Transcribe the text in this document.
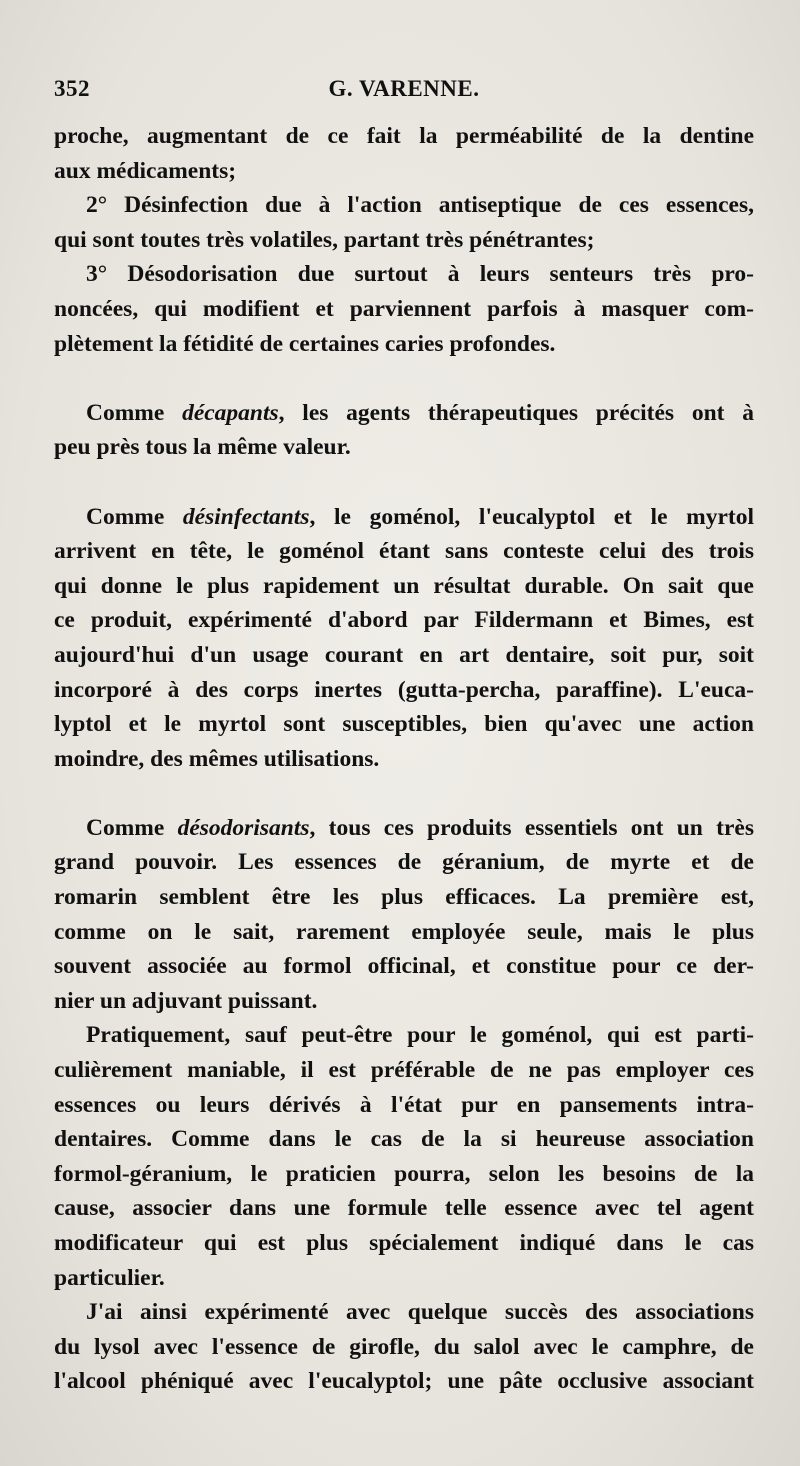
352	G. VARENNE.
proche, augmentant de ce fait la perméabilité de la dentine
aux médicaments;
2° Désinfection due à l'action antiseptique de ces essences,
qui sont toutes très volatiles, partant très pénétrantes;
3° Désodorisation due surtout à leurs senteurs très pro-
noncées, qui modifient et parviennent parfois à masquer com-
plètement la fétidité de certaines caries profondes.
Comme décapants, les agents thérapeutiques précités ont à
peu près tous la même valeur.
Comme désinfectants, le goménol, l'eucalyptol et le myrtol
arrivent en tête, le goménol étant sans conteste celui des trois
qui donne le plus rapidement un résultat durable. On sait que
ce produit, expérimenté d'abord par Fildermann et Bimes, est
aujourd'hui d'un usage courant en art dentaire, soit pur, soit
incorporé à des corps inertes (gutta-percha, paraffine). L'euca-
lyptol et le myrtol sont susceptibles, bien qu'avec une action
moindre, des mêmes utilisations.
Comme désodorisants, tous ces produits essentiels ont un très
grand pouvoir. Les essences de géranium, de myrte et de
romarin semblent être les plus efficaces. La première est,
comme on le sait, rarement employée seule, mais le plus
souvent associée au formol officinal, et constitue pour ce der-
nier un adjuvant puissant.
Pratiquement, sauf peut-être pour le goménol, qui est parti-
culièrement maniable, il est préférable de ne pas employer ces
essences ou leurs dérivés à l'état pur en pansements intra-
dentaires. Comme dans le cas de la si heureuse association
formol-géranium, le praticien pourra, selon les besoins de la
cause, associer dans une formule telle essence avec tel agent
modificateur qui est plus spécialement indiqué dans le cas
particulier.
J'ai ainsi expérimenté avec quelque succès des associations
du lysol avec l'essence de girofle, du salol avec le camphre, de
l'alcool phéniqué avec l'eucalyptol; une pâte occlusive associant
